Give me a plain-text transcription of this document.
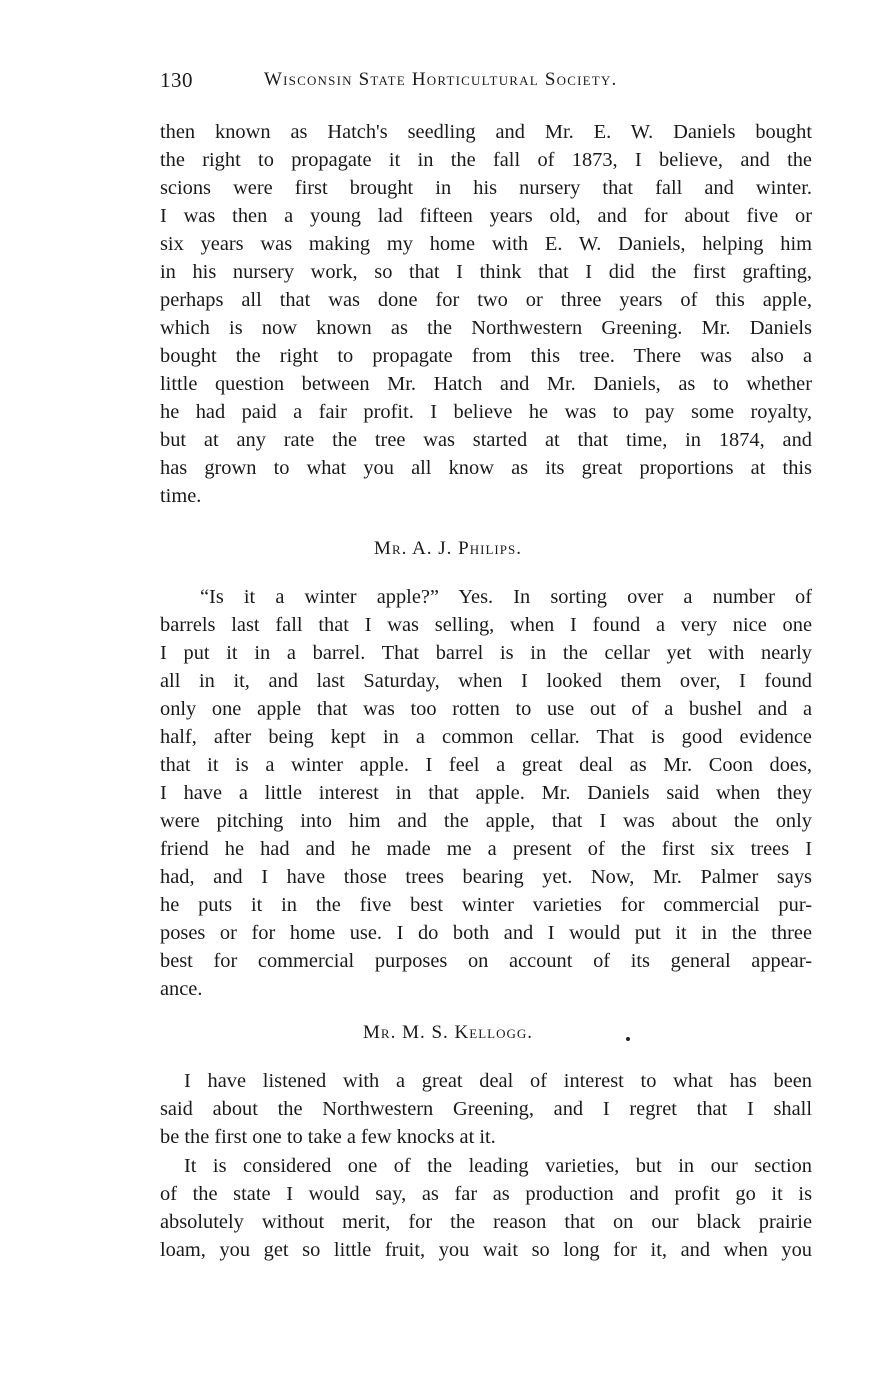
130	Wisconsin State Horticultural Society.
then known as Hatch's seedling and Mr. E. W. Daniels bought
the right to propagate it in the fall of 1873, I believe, and the
scions were first brought in his nursery that fall and winter.
I was then a young lad fifteen years old, and for about five or
six years was making my home with E. W. Daniels, helping him
in his nursery work, so that I think that I did the first grafting,
perhaps all that was done for two or three years of this apple,
which is now known as the Northwestern Greening. Mr. Daniels
bought the right to propagate from this tree. There was also a
little question between Mr. Hatch and Mr. Daniels, as to whether
he had paid a fair profit. I believe he was to pay some royalty,
but at any rate the tree was started at that time, in 1874, and
has grown to what you all know as its great proportions at this
time.
Mr. A. J. Philips.
“Is it a winter apple?” Yes. In sorting over a number of
barrels last fall that I was selling, when I found a very nice one
I put it in a barrel. That barrel is in the cellar yet with nearly
all in it, and last Saturday, when I looked them over, I found
only one apple that was too rotten to use out of a bushel and a
half, after being kept in a common cellar. That is good evidence
that it is a winter apple. I feel a great deal as Mr. Coon does,
I have a little interest in that apple. Mr. Daniels said when they
were pitching into him and the apple, that I was about the only
friend he had and he made me a present of the first six trees I
had, and I have those trees bearing yet. Now, Mr. Palmer says
he puts it in the five best winter varieties for commercial pur-
poses or for home use. I do both and I would put it in the three
best for commercial purposes on account of its general appear-
ance.
Mr. M. S. Kellogg.
I have listened with a great deal of interest to what has been
said about the Northwestern Greening, and I regret that I shall
be the first one to take a few knocks at it.
It is considered one of the leading varieties, but in our section
of the state I would say, as far as production and profit go it is
absolutely without merit, for the reason that on our black prairie
loam, you get so little fruit, you wait so long for it, and when you
